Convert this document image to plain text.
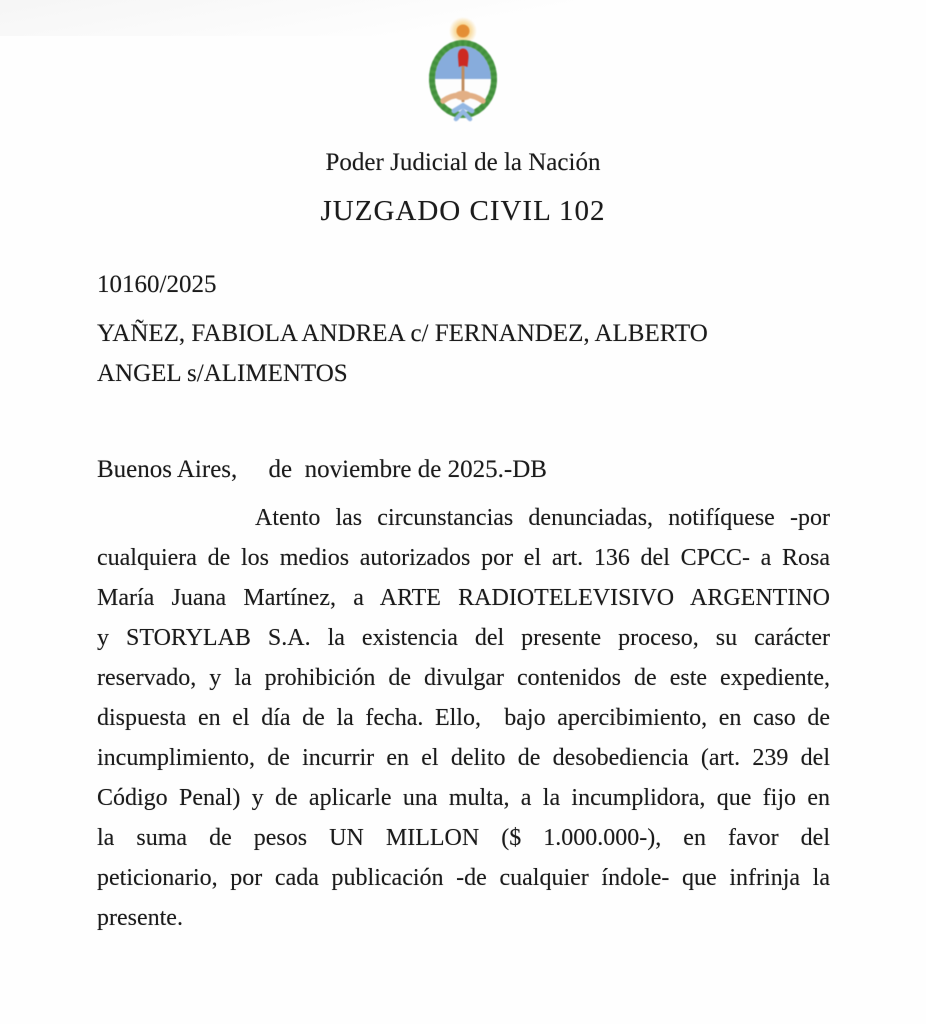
Poder Judicial de la Nación
JUZGADO CIVIL 102
10160/2025
YAÑEZ, FABIOLA ANDREA c/ FERNANDEZ, ALBERTO
ANGEL s/ALIMENTOS
Buenos Aires,     de  noviembre de 2025.-DB
Atento las circunstancias denunciadas, notifíquese -por
cualquiera de los medios autorizados por el art. 136 del CPCC- a Rosa
María Juana Martínez, a ARTE RADIOTELEVISIVO ARGENTINO
y STORYLAB S.A. la existencia del presente proceso, su carácter
reservado, y la prohibición de divulgar contenidos de este expediente,
dispuesta en el día de la fecha. Ello,  bajo apercibimiento, en caso de
incumplimiento, de incurrir en el delito de desobediencia (art. 239 del
Código Penal) y de aplicarle una multa, a la incumplidora, que fijo en
la suma de pesos UN MILLON ($ 1.000.000-), en favor del
peticionario, por cada publicación -de cualquier índole- que infrinja la
presente.
